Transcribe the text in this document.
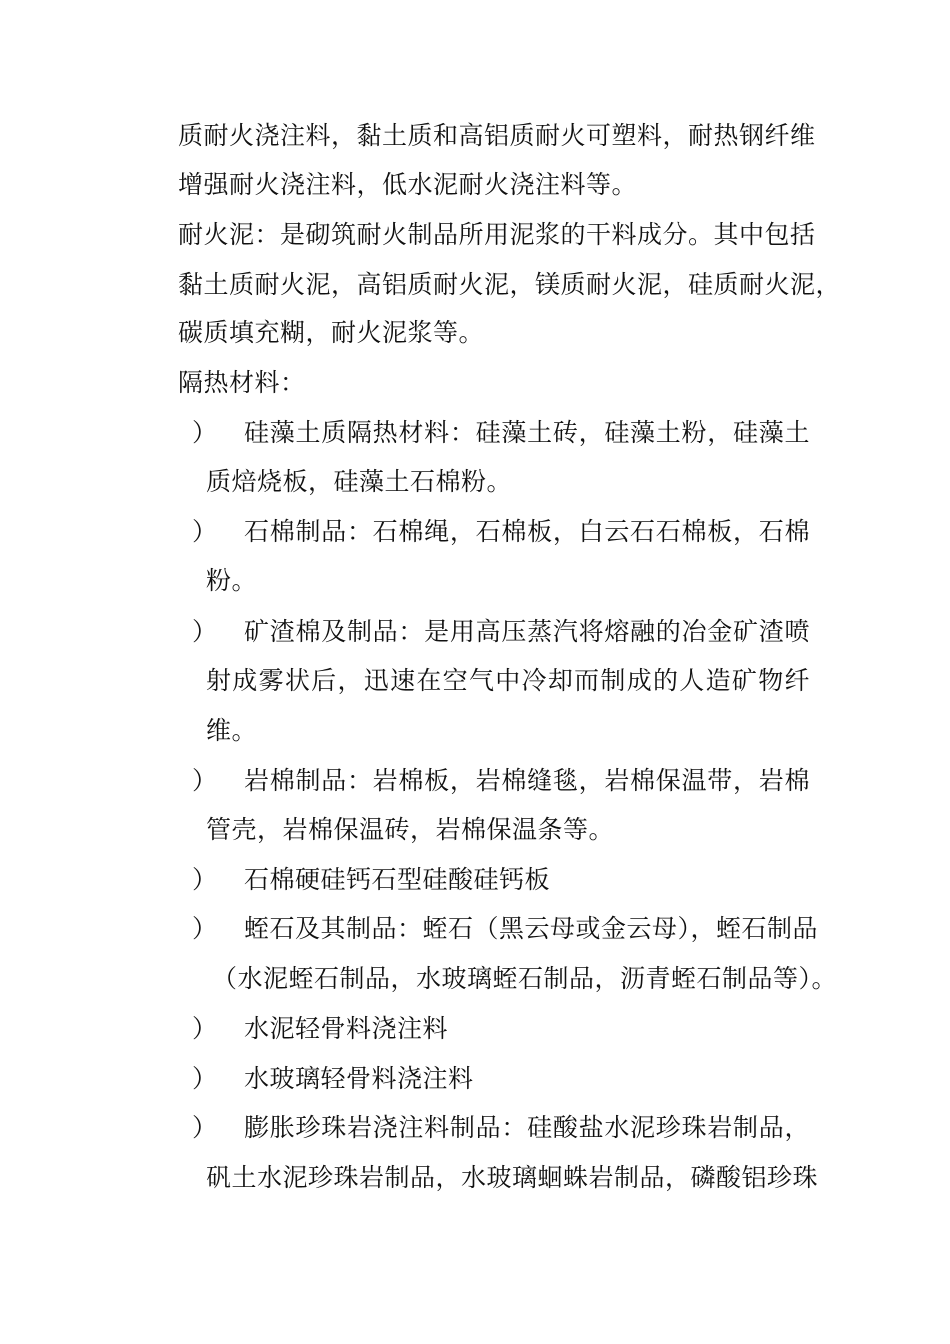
质耐火浇注料，黏土质和高铝质耐火可塑料，耐热钢纤维
增强耐火浇注料，低水泥耐火浇注料等。
耐火泥：是砌筑耐火制品所用泥浆的干料成分。其中包括
黏土质耐火泥，高铝质耐火泥，镁质耐火泥，硅质耐火泥，
碳质填充糊，耐火泥浆等。
隔热材料：
） 硅藻土质隔热材料：硅藻土砖，硅藻土粉，硅藻土
质焙烧板，硅藻土石棉粉。
） 石棉制品：石棉绳，石棉板，白云石石棉板，石棉
粉。
） 矿渣棉及制品：是用高压蒸汽将熔融的冶金矿渣喷
射成雾状后，迅速在空气中冷却而制成的人造矿物纤
维。
） 岩棉制品：岩棉板，岩棉缝毯，岩棉保温带，岩棉
管壳，岩棉保温砖，岩棉保温条等。
） 石棉硬硅钙石型硅酸硅钙板
） 蛭石及其制品：蛭石（黑云母或金云母），蛭石制品
（水泥蛭石制品，水玻璃蛭石制品，沥青蛭石制品等）。
） 水泥轻骨料浇注料
） 水玻璃轻骨料浇注料
） 膨胀珍珠岩浇注料制品：硅酸盐水泥珍珠岩制品，
矾土水泥珍珠岩制品，水玻璃蛔蛛岩制品，磷酸铝珍珠
